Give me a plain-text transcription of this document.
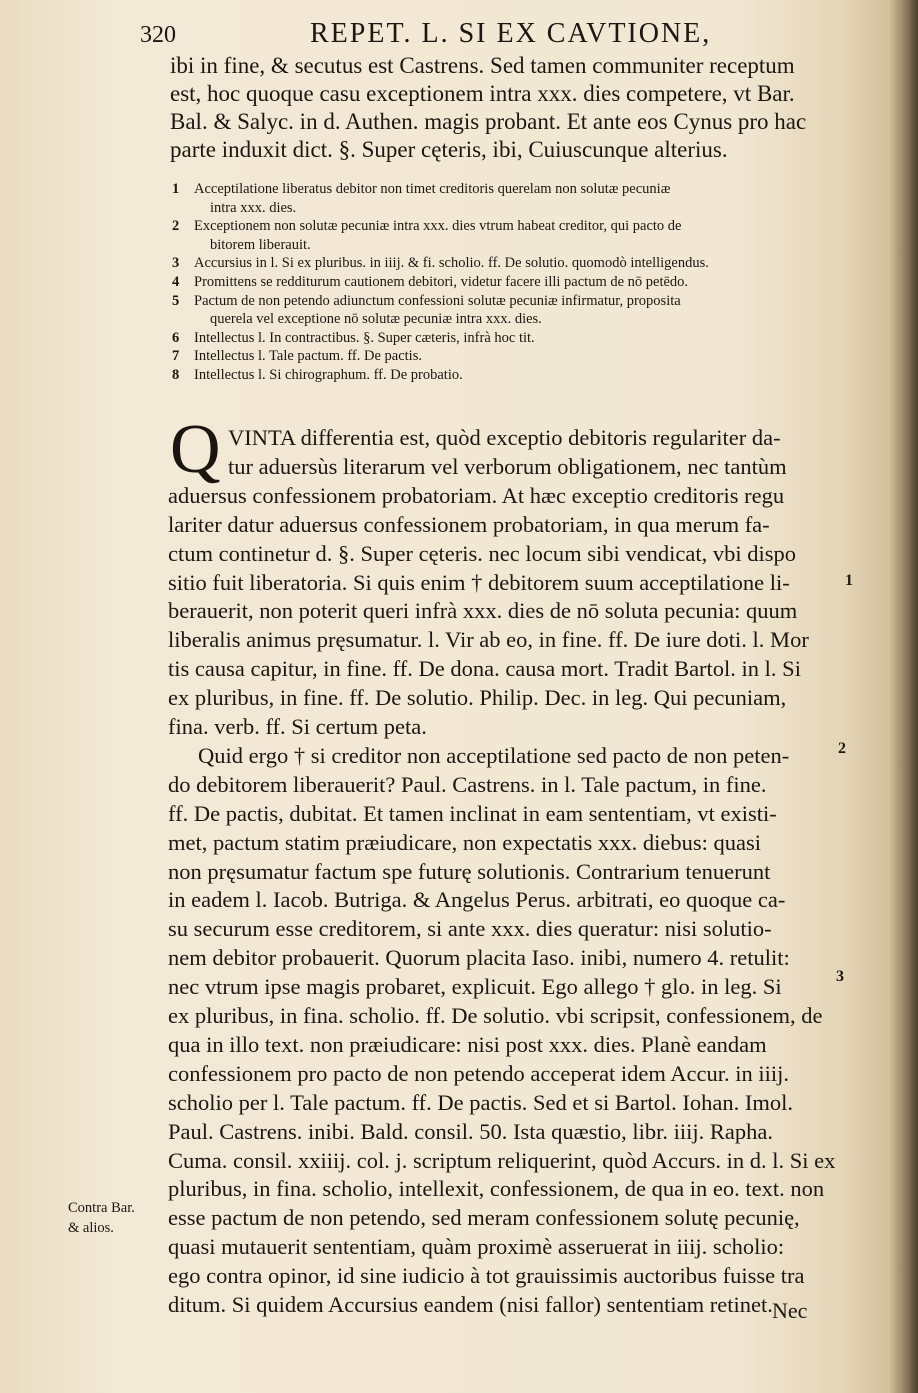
320	REPET. L. SI EX CAVTIONE,
ibi in fine, & secutus est Castrens. Sed tamen communiter receptum
est, hoc quoque casu exceptionem intra xxx. dies competere, vt Bar.
Bal. & Salyc. in d. Authen. magis probant. Et ante eos Cynus pro hac
parte induxit dict. §. Super cęteris, ibi, Cuiuscunque alterius.
1 Acceptilatione liberatus debitor non timet creditoris querelam non solutæ pecuniæ
intra xxx. dies.
2 Exceptionem non solutæ pecuniæ intra xxx. dies vtrum habeat creditor, qui pacto de
bitorem liberauit.
3 Accursius in l. Si ex pluribus. in iiij. & fi. scholio. ff. De solutio. quomodò intelligendus.
4 Promittens se redditurum cautionem debitori, videtur facere illi pactum de nō petēdo.
5 Pactum de non petendo adiunctum confessioni solutæ pecuniæ infirmatur, proposita
querela vel exceptione nō solutæ pecuniæ intra xxx. dies.
6 Intellectus l. In contractibus. §. Super cæteris, infrà hoc tit.
7 Intellectus l. Tale pactum. ff. De pactis.
8 Intellectus l. Si chirographum. ff. De probatio.
Q VINTA differentia est, quòd exceptio debitoris regulariter da-
tur aduersùs literarum vel verborum obligationem, nec tantùm
aduersus confessionem probatoriam. At hæc exceptio creditoris regu
lariter datur aduersus confessionem probatoriam, in qua merum fa-
ctum continetur d. §. Super cęteris. nec locum sibi vendicat, vbi dispo
sitio fuit liberatoria. Si quis enim † debitorem suum acceptilatione li-
berauerit, non poterit queri infrà xxx. dies de nō soluta pecunia: quum
liberalis animus pręsumatur. l. Vir ab eo, in fine. ff. De iure doti. l. Mor
tis causa capitur, in fine. ff. De dona. causa mort. Tradit Bartol. in l. Si
ex pluribus, in fine. ff. De solutio. Philip. Dec. in leg. Qui pecuniam,
fina. verb. ff. Si certum peta.
Quid ergo † si creditor non acceptilatione sed pacto de non peten-
do debitorem liberauerit? Paul. Castrens. in l. Tale pactum, in fine.
ff. De pactis, dubitat. Et tamen inclinat in eam sententiam, vt existi-
met, pactum statim præiudicare, non expectatis xxx. diebus: quasi
non pręsumatur factum spe futurę solutionis. Contrarium tenuerunt
in eadem l. Iacob. Butriga. & Angelus Perus. arbitrati, eo quoque ca-
su securum esse creditorem, si ante xxx. dies queratur: nisi solutio-
nem debitor probauerit. Quorum placita Iaso. inibi, numero 4. retulit:
nec vtrum ipse magis probaret, explicuit. Ego allego † glo. in leg. Si
ex pluribus, in fina. scholio. ff. De solutio. vbi scripsit, confessionem, de
qua in illo text. non præiudicare: nisi post xxx. dies. Planè eandam
confessionem pro pacto de non petendo acceperat idem Accur. in iiij.
scholio per l. Tale pactum. ff. De pactis. Sed et si Bartol. Iohan. Imol.
Paul. Castrens. inibi. Bald. consil. 50. Ista quæstio, libr. iiij. Rapha.
Cuma. consil. xxiiij. col. j. scriptum reliquerint, quòd Accurs. in d. l. Si ex
pluribus, in fina. scholio, intellexit, confessionem, de qua in eo. text. non
esse pactum de non petendo, sed meram confessionem solutę pecunię,
quasi mutauerit sententiam, quàm proximè asseruerat in iiij. scholio:
ego contra opinor, id sine iudicio à tot grauissimis auctoribus fuisse tra
ditum. Si quidem Accursius eandem (nisi fallor) sententiam retinet.
1
2
3
Contra Bar.
& alios.
Nec
